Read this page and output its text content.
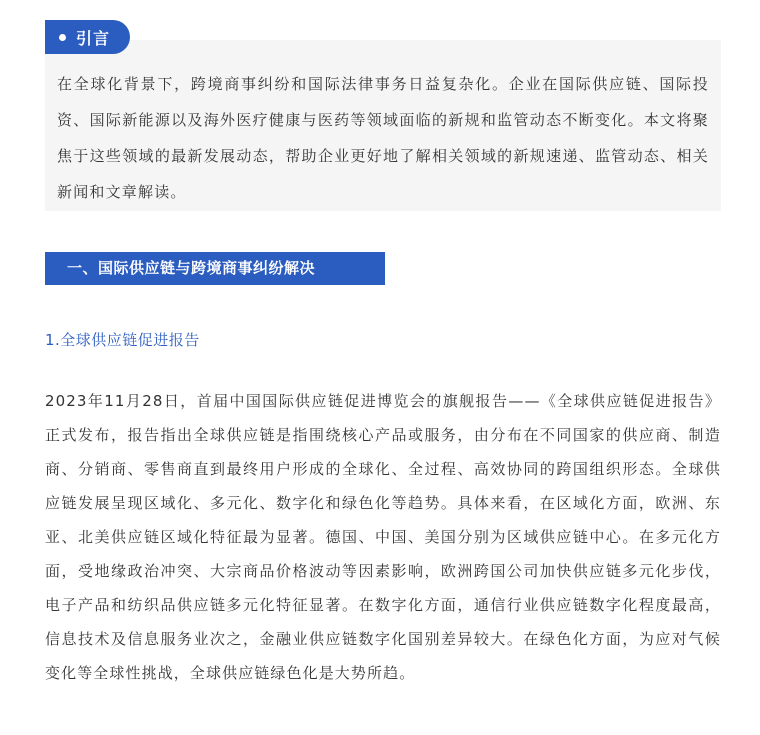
在全球化背景下，跨境商事纠纷和国际法律事务日益复杂化。企业在国际供应链、国际投资、国际新能源以及海外医疗健康与医药等领域面临的新规和监管动态不断变化。本文将聚焦于这些领域的最新发展动态，帮助企业更好地了解相关领域的新规速递、监管动态、相关新闻和文章解读。

引言
一、国际供应链与跨境商事纠纷解决
1.全球供应链促进报告

2023年11月28日，首届中国国际供应链促进博览会的旗舰报告——《全球供应链促进报告》正式发布，报告指出全球供应链是指围绕核心产品或服务，由分布在不同国家的供应商、制造商、分销商、零售商直到最终用户形成的全球化、全过程、高效协同的跨国组织形态。全球供应链发展呈现区域化、多元化、数字化和绿色化等趋势。具体来看，在区域化方面，欧洲、东亚、北美供应链区域化特征最为显著。德国、中国、美国分别为区域供应链中心。在多元化方面，受地缘政治冲突、大宗商品价格波动等因素影响，欧洲跨国公司加快供应链多元化步伐，电子产品和纺织品供应链多元化特征显著。在数字化方面，通信行业供应链数字化程度最高，信息技术及信息服务业次之，金融业供应链数字化国别差异较大。在绿色化方面，为应对气候变化等全球性挑战，全球供应链绿色化是大势所趋。
